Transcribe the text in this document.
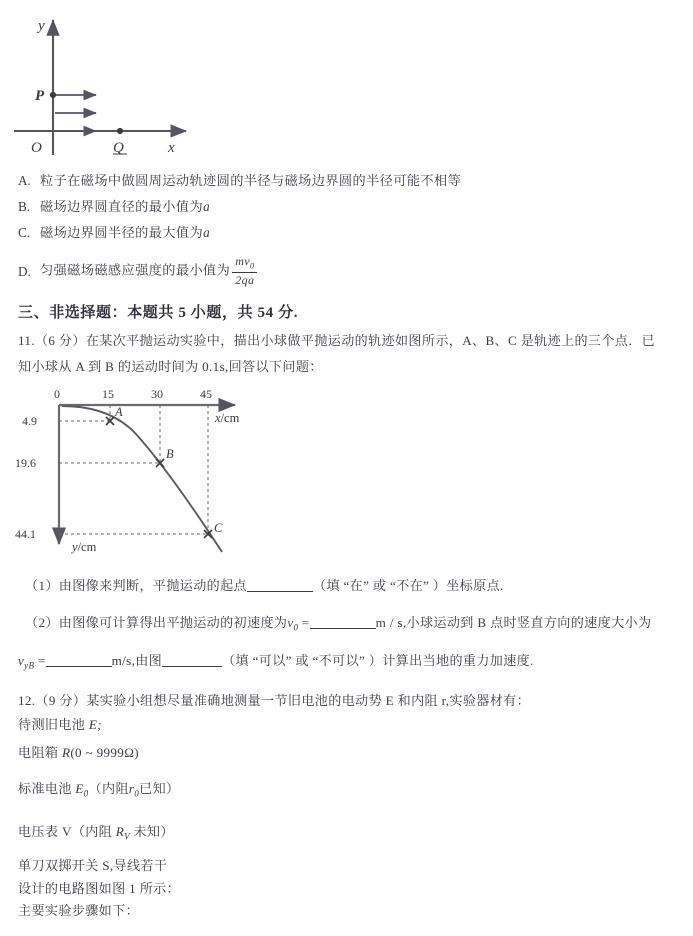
P
Q
O
y
x
A. 粒子在磁场中做圆周运动轨迹圆的半径与磁场边界圆的半径可能不相等
B. 磁场边界圆直径的最小值为a
C. 磁场边界圆半径的最大值为a
D. 匀强磁场磁感应强度的最小值为 $\frac{mv_0}{2qa}$
三、非选择题：本题共 5 小题，共 54 分.
11.（6 分）在某次平抛运动实验中，描出小球做平抛运动的轨迹如图所示，A、B、C 是轨迹上的三个点．已
知小球从 A 到 B 的运动时间为 0.1s,回答以下问题：
0	15	30	45
x/cm
y/cm
4.9
19.6
44.1
A
B
C
（1）由图像来判断，平抛运动的起点	（填 “在” 或 “不在” ）坐标原点.
（2）由图像可计算得出平抛运动的初速度为$v_0$ =	m / s,小球运动到 B 点时竖直方向的速度大小为
$v_{yB}$ =	m/s,由图	（填 “可以” 或 “不可以” ）计算出当地的重力加速度.
12.（9 分）某实验小组想尽量准确地测量一节旧电池的电动势 E 和内阻 r,实验器材有：
待测旧电池 E;
电阻箱 R(0 ~ 9999Ω)
标准电池 $E_0$（内阻$r_0$已知）
电压表 V（内阻 $R_V$ 未知）
单刀双掷开关 S,导线若干
设计的电路图如图 1 所示：
主要实验步骤如下：
